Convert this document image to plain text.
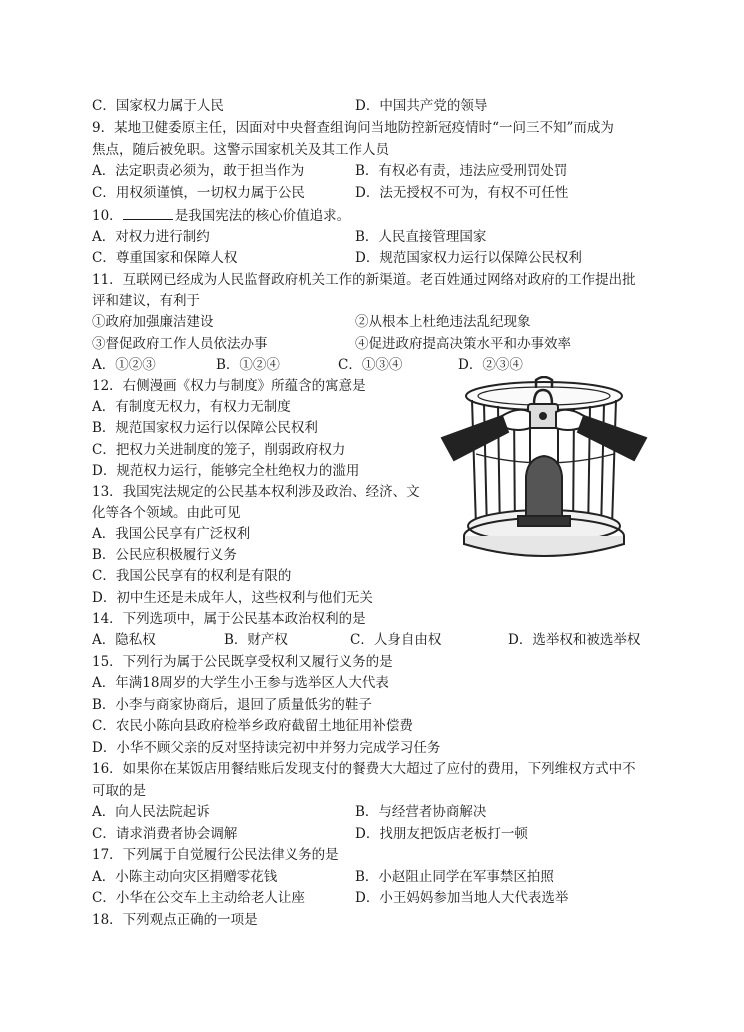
C．国家权力属于人民	D．中国共产党的领导
9．某地卫健委原主任，因面对中央督查组询问当地防控新冠疫情时“一问三不知”而成为
焦点，随后被免职。这警示国家机关及其工作人员
A．法定职责必须为，敢于担当作为	B．有权必有责，违法应受刑罚处罚
C．用权须谨慎，一切权力属于公民	D．法无授权不可为，有权不可任性
10．	是我国宪法的核心价值追求。
A．对权力进行制约	B．人民直接管理国家
C．尊重国家和保障人权	D．规范国家权力运行以保障公民权利
11．互联网已经成为人民监督政府机关工作的新渠道。老百姓通过网络对政府的工作提出批
评和建议，有利于
①政府加强廉洁建设	②从根本上杜绝违法乱纪现象
③督促政府工作人员依法办事	④促进政府提高决策水平和办事效率
A．①②③	B．①②④	C．①③④	D．②③④
12．右侧漫画《权力与制度》所蕴含的寓意是
A．有制度无权力，有权力无制度
B．规范国家权力运行以保障公民权利
C．把权力关进制度的笼子，削弱政府权力
D．规范权力运行，能够完全杜绝权力的滥用
13．我国宪法规定的公民基本权利涉及政治、经济、文
化等各个领域。由此可见
A．我国公民享有广泛权利
B．公民应积极履行义务
C．我国公民享有的权利是有限的
D．初中生还是未成年人，这些权利与他们无关
14．下列选项中，属于公民基本政治权利的是
A．隐私权	B．财产权	C．人身自由权	D．选举权和被选举权
15．下列行为属于公民既享受权利又履行义务的是
A．年满18周岁的大学生小王参与选举区人大代表
B．小李与商家协商后，退回了质量低劣的鞋子
C．农民小陈向县政府检举乡政府截留土地征用补偿费
D．小华不顾父亲的反对坚持读完初中并努力完成学习任务
16．如果你在某饭店用餐结账后发现支付的餐费大大超过了应付的费用，下列维权方式中不
可取的是
A．向人民法院起诉	B．与经营者协商解决
C．请求消费者协会调解	D．找朋友把饭店老板打一顿
17．下列属于自觉履行公民法律义务的是
A．小陈主动向灾区捐赠零花钱	B．小赵阻止同学在军事禁区拍照
C．小华在公交车上主动给老人让座	D．小王妈妈参加当地人大代表选举
18．下列观点正确的一项是
